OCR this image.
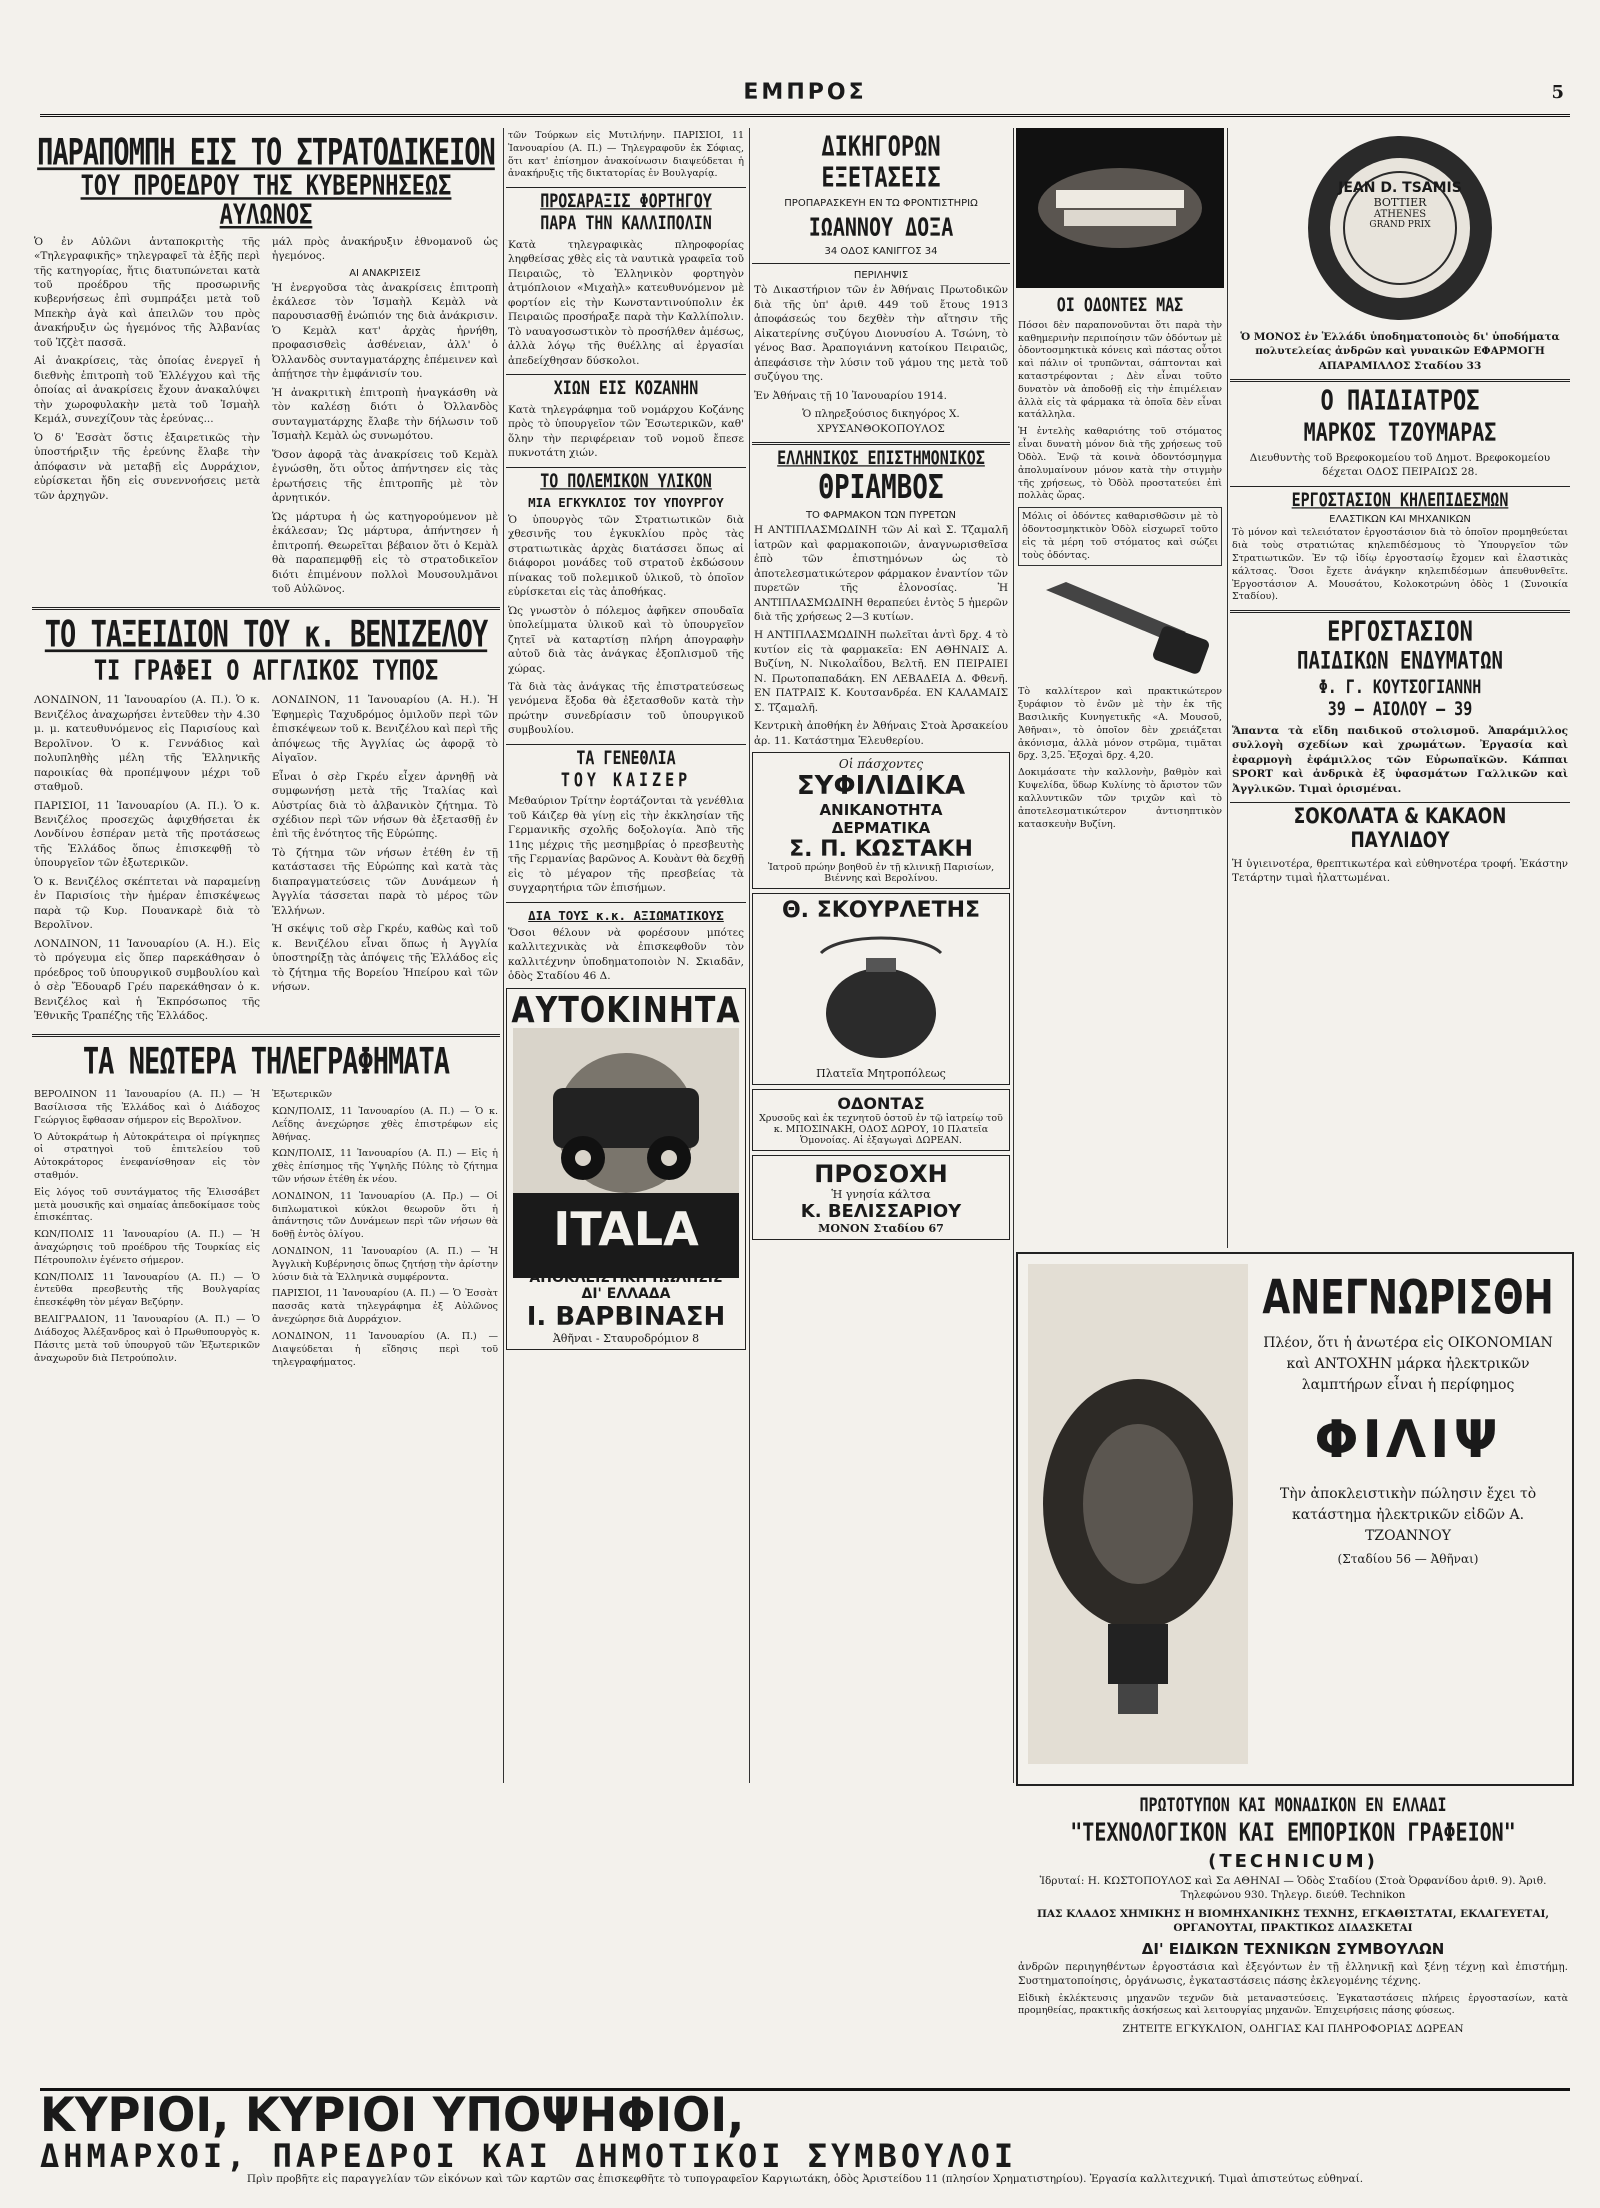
ΕΜΠΡΟΣ	5
ΠΑΡΑΠΟΜΠΗ ΕΙΣ ΤΟ ΣΤΡΑΤΟΔΙΚΕΙΟΝ
ΤΟΥ ΠΡΟΕΔΡΟΥ ΤΗΣ ΚΥΒΕΡΝΗΣΕΩΣ ΑΥΛΩΝΟΣ

Ὁ ἐν Αὐλῶνι ἀνταποκριτὴς τῆς «Τηλεγραφικῆς» τηλεγραφεῖ τὰ ἑξῆς περὶ τῆς κατηγορίας, ἥτις διατυπώνεται κατὰ τοῦ προέδρου τῆς προσωρινῆς κυβερνήσεως ἐπὶ συμπράξει μετὰ τοῦ Μπεκὴρ ἀγὰ καὶ ἀπειλῶν του πρὸς ἀνακήρυξιν ὡς ἡγεμόνος τῆς Ἀλβανίας τοῦ Ἰζζὲτ πασσᾶ.

Αἱ ἀνακρίσεις, τὰς ὁποίας ἐνεργεῖ ἡ διεθνὴς ἐπιτροπὴ τοῦ Ἑλλέγχου καὶ τῆς ὁποίας αἱ ἀνακρίσεις ἔχουν ἀνακαλύψει τὴν χωροφυλακὴν μετὰ τοῦ Ἰσμαὴλ Κεμάλ, συνεχίζουν τὰς ἐρεύνας...

Ὁ δ' Ἐσσὰτ ὅστις ἐξαιρετικῶς τὴν ὑποστήριξιν τῆς ἐρεύνης ἔλαβε τὴν ἀπόφασιν νὰ μεταβῇ εἰς Δυρράχιον, εὑρίσκεται ἤδη εἰς συνεννοήσεις μετὰ τῶν ἀρχηγῶν.

μάλ πρὸς ἀνακήρυξιν ἐθνομανοῦ ὡς ἡγεμόνος.

ΑΙ ΑΝΑΚΡΙΣΕΙΣ

Ἡ ἐνεργοῦσα τὰς ἀνακρίσεις ἐπιτροπὴ ἐκάλεσε τὸν Ἰσμαὴλ Κεμὰλ νὰ παρουσιασθῇ ἐνώπιόν της διὰ ἀνάκρισιν. Ὁ Κεμὰλ κατ' ἀρχὰς ἠρνήθη, προφασισθεὶς ἀσθένειαν, ἀλλ' ὁ Ὀλλανδὸς συνταγματάρχης ἐπέμεινεν καὶ ἀπῄτησε τὴν ἐμφάνισίν του.

Ἡ ἀνακριτικὴ ἐπιτροπὴ ἠναγκάσθη νὰ τὸν καλέσῃ διότι ὁ Ὀλλανδὸς συνταγματάρχης ἔλαβε τὴν δήλωσιν τοῦ Ἰσμαὴλ Κεμὰλ ὡς συνωμότου.

Ὅσον ἀφορᾷ τὰς ἀνακρίσεις τοῦ Κεμὰλ ἐγνώσθη, ὅτι οὗτος ἀπήντησεν εἰς τὰς ἐρωτήσεις τῆς ἐπιτροπῆς μὲ τὸν ἀρνητικόν.

Ὡς μάρτυρα ἡ ὡς κατηγορούμενον μὲ ἐκάλεσαν; Ὡς μάρτυρα, ἀπήντησεν ἡ ἐπιτροπή. Θεωρεῖται βέβαιον ὅτι ὁ Κεμὰλ θὰ παραπεμφθῇ εἰς τὸ στρατοδικεῖον διότι ἐπιμένουν πολλοὶ Μουσουλμᾶνοι τοῦ Αὐλῶνος.

ΤΟ ΤΑΞΕΙΔΙΟΝ ΤΟΥ κ. ΒΕΝΙΖΕΛΟΥ
ΤΙ ΓΡΑΦΕΙ Ο ΑΓΓΛΙΚΟΣ ΤΥΠΟΣ

ΛΟΝΔΙΝΟΝ, 11 Ἰανουαρίου (Α. Π.). Ὁ κ. Βενιζέλος ἀναχωρήσει ἐντεῦθεν τὴν 4.30 μ. μ. κατευθυνόμενος εἰς Παρισίους καὶ Βερολῖνον. Ὁ κ. Γεννάδιος καὶ πολυπληθὴς μέλη τῆς Ἑλληνικῆς παροικίας θὰ προπέμψουν μέχρι τοῦ σταθμοῦ.

ΠΑΡΙΣΙΟΙ, 11 Ἰανουαρίου (Α. Π.). Ὁ κ. Βενιζέλος προσεχῶς ἀφιχθήσεται ἐκ Λονδίνου ἐσπέραν μετὰ τῆς προτάσεως τῆς Ἑλλάδος ὅπως ἐπισκεφθῇ τὸ ὑπουργεῖον τῶν ἐξωτερικῶν.

Ὁ κ. Βενιζέλος σκέπτεται νὰ παραμείνῃ ἐν Παρισίοις τὴν ἡμέραν ἐπισκέψεως παρὰ τῷ Κυρ. Πουανκαρὲ διὰ τὸ Βερολῖνον.

ΛΟΝΔΙΝΟΝ, 11 Ἰανουαρίου (Α. Η.). Εἰς τὸ πρόγευμα εἰς ὅπερ παρεκάθησαν ὁ πρόεδρος τοῦ ὑπουργικοῦ συμβουλίου καὶ ὁ σὲρ Ἔδουαρδ Γρέυ παρεκάθησαν ὁ κ. Βενιζέλος καὶ ἡ Ἐκπρόσωπος τῆς Ἐθνικῆς Τραπέζης τῆς Ἑλλάδος.

ΛΟΝΔΙΝΟΝ, 11 Ἰανουαρίου (Α. Η.). Ἡ Ἐφημερὶς Ταχυδρόμος ὁμιλοῦν περὶ τῶν ἐπισκέψεων τοῦ κ. Βενιζέλου καὶ περὶ τῆς ἀπόψεως τῆς Ἀγγλίας ὡς ἀφορᾷ τὸ Αἰγαῖον.

Εἶναι ὁ σὲρ Γκρέυ εἶχεν ἀρνηθῇ νὰ συμφωνήσῃ μετὰ τῆς Ἰταλίας καὶ Αὐστρίας διὰ τὸ ἀλβανικὸν ζήτημα. Τὸ σχέδιον περὶ τῶν νήσων θὰ ἐξετασθῇ ἐν ἐπὶ τῆς ἑνότητος τῆς Εὐρώπης.

Τὸ ζήτημα τῶν νήσων ἐτέθη ἐν τῇ κατάστασει τῆς Εὐρώπης καὶ κατὰ τὰς διαπραγματεύσεις τῶν Δυνάμεων ἡ Ἀγγλία τάσσεται παρὰ τὸ μέρος τῶν Ἑλλήνων.

Ἡ σκέψις τοῦ σὲρ Γκρέυ, καθὼς καὶ τοῦ κ. Βενιζέλου εἶναι ὅπως ἡ Ἀγγλία ὑποστηρίξῃ τὰς ἀπόψεις τῆς Ἑλλάδος εἰς τὸ ζήτημα τῆς Βορείου Ἠπείρου καὶ τῶν νήσων.

ΤΑ ΝΕΩΤΕΡΑ ΤΗΛΕΓΡΑΦΗΜΑΤΑ

ΒΕΡΟΛΙΝΟΝ 11 Ἰανουαρίου (Α. Π.) — Ἡ Βασίλισσα τῆς Ἑλλάδος καὶ ὁ Διάδοχος Γεώργιος ἔφθασαν σήμερον εἰς Βερολῖνον.

Ὁ Αὐτοκράτωρ ἡ Αὐτοκράτειρα οἱ πρίγκηπες οἱ στρατηγοὶ τοῦ ἐπιτελείου τοῦ Αὐτοκράτορος ἐνεφανίσθησαν εἰς τὸν σταθμόν.

Εἰς λόγος τοῦ συντάγματος τῆς Ἑλισσάβετ μετὰ μουσικῆς καὶ σημαίας ἀπεδοκίμασε τοὺς ἐπισκέπτας.

ΚΩΝ/ΠΟΛΙΣ 11 Ἰανουαρίου (Α. Π.) — Ἡ ἀναχώρησις τοῦ προέδρου τῆς Τουρκίας εἰς Πέτρουπολιν ἐγένετο σήμερον.

ΚΩΝ/ΠΟΛΙΣ 11 Ἰανουαρίου (Α. Π.) — Ὁ ἐντεῦθα πρεσβευτὴς τῆς Βουλγαρίας ἐπεσκέφθη τὸν μέγαν Βεζύρην.

ΒΕΛΙΓΡΑΔΙΟΝ, 11 Ἰανουαρίου (Α. Π.) — Ὁ Διάδοχος Ἀλέξανδρος καὶ ὁ Πρωθυπουργὸς κ. Πάσιτς μετὰ τοῦ ὑπουργοῦ τῶν Ἐξωτερικῶν ἀναχωροῦν διὰ Πετρούπολιν.

Ἐξωτερικῶν

ΚΩΝ/ΠΟΛΙΣ, 11 Ἰανουαρίου (Α. Π.) — Ὁ κ. Λεΐδης ἀνεχώρησε χθὲς ἐπιστρέφων εἰς Ἀθήνας.

ΚΩΝ/ΠΟΛΙΣ, 11 Ἰανουαρίου (Α. Π.) — Εἰς ἡ χθὲς ἐπίσημος τῆς Ὑψηλῆς Πύλης τὸ ζήτημα τῶν νήσων ἐτέθη ἐκ νέου.

ΛΟΝΔΙΝΟΝ, 11 Ἰανουαρίου (Α. Πρ.) — Οἱ διπλωματικοὶ κύκλοι θεωροῦν ὅτι ἡ ἀπάντησις τῶν Δυνάμεων περὶ τῶν νήσων θὰ δοθῇ ἐντὸς ὀλίγου.

ΛΟΝΔΙΝΟΝ, 11 Ἰανουαρίου (Α. Π.) — Ἡ Ἀγγλικὴ Κυβέρνησις ὅπως ζητήσῃ τὴν ἀρίστην λύσιν διὰ τὰ Ἑλληνικὰ συμφέροντα.

ΠΑΡΙΣΙΟΙ, 11 Ἰανουαρίου (Α. Π.) — Ὁ Ἐσσὰτ πασσᾶς κατὰ τηλεγράφημα ἐξ Αὐλῶνος ἀνεχώρησε διὰ Δυρράχιον.

ΛΟΝΔΙΝΟΝ, 11 Ἰανουαρίου (Α. Π.) — Διαψεύδεται ἡ εἴδησις περὶ τοῦ τηλεγραφήματος.

τῶν Τούρκων εἰς Μυτιλήνην. ΠΑΡΙΣΙΟΙ, 11 Ἰανουαρίου (Α. Π.) — Τηλεγραφοῦν ἐκ Σόφιας, ὅτι κατ' ἐπίσημον ἀνακοίνωσιν διαψεύδεται ἡ ἀνακήρυξις τῆς δικτατορίας ἐν Βουλγαρίᾳ.

ΠΡΟΣΑΡΑΞΙΣ ΦΟΡΤΗΓΟΥ
ΠΑΡΑ ΤΗΝ ΚΑΛΛΙΠΟΛΙΝ

Κατὰ τηλεγραφικὰς πληροφορίας ληφθείσας χθὲς εἰς τὰ ναυτικὰ γραφεῖα τοῦ Πειραιῶς, τὸ Ἑλληνικὸν φορτηγὸν ἀτμόπλοιον «Μιχαὴλ» κατευθυνόμενον μὲ φορτίον εἰς τὴν Κωνσταντινούπολιν ἐκ Πειραιῶς προσήραξε παρὰ τὴν Καλλίπολιν. Τὸ ναυαγοσωστικὸν τὸ προσήλθεν ἀμέσως, ἀλλὰ λόγῳ τῆς θυέλλης αἱ ἐργασίαι ἀπεδείχθησαν δύσκολοι.

ΧΙΩΝ ΕΙΣ ΚΟΖΑΝΗΝ

Κατὰ τηλεγράφημα τοῦ νομάρχου Κοζάνης πρὸς τὸ ὑπουργεῖον τῶν Ἐσωτερικῶν, καθ' ὅλην τὴν περιφέρειαν τοῦ νομοῦ ἔπεσε πυκνοτάτη χιών.

ΤΟ ΠΟΛΕΜΙΚΟΝ ΥΛΙΚΟΝ
ΜΙΑ ΕΓΚΥΚΛΙΟΣ ΤΟΥ ΥΠΟΥΡΓΟΥ

Ὁ ὑπουργὸς τῶν Στρατιωτικῶν διὰ χθεσινῆς του ἐγκυκλίου πρὸς τὰς στρατιωτικὰς ἀρχὰς διατάσσει ὅπως αἱ διάφοροι μονάδες τοῦ στρατοῦ ἐκδώσουν πίνακας τοῦ πολεμικοῦ ὑλικοῦ, τὸ ὁποῖον εὑρίσκεται εἰς τὰς ἀποθήκας.

Ὡς γνωστὸν ὁ πόλεμος ἀφῆκεν σπουδαῖα ὑπολείμματα ὑλικοῦ καὶ τὸ ὑπουργεῖον ζητεῖ νὰ καταρτίσῃ πλήρη ἀπογραφὴν αὐτοῦ διὰ τὰς ἀνάγκας ἐξοπλισμοῦ τῆς χώρας.

Τὰ διὰ τὰς ἀνάγκας τῆς ἐπιστρατεύσεως γενόμενα ἔξοδα θὰ ἐξετασθοῦν κατὰ τὴν πρώτην συνεδρίασιν τοῦ ὑπουργικοῦ συμβουλίου.

ΤΑ ΓΕΝΕΘΛΙΑ
ΤΟΥ ΚΑΙΖΕΡ

Μεθαύριον Τρίτην ἑορτάζονται τὰ γενέθλια τοῦ Κάιζερ θὰ γίνῃ εἰς τὴν ἐκκλησίαν τῆς Γερμανικῆς σχολῆς δοξολογία. Ἀπὸ τῆς 11ης μέχρις τῆς μεσημβρίας ὁ πρεσβευτὴς τῆς Γερμανίας βαρῶνος Α. Κουὰντ θὰ δεχθῇ εἰς τὸ μέγαρον τῆς πρεσβείας τὰ συγχαρητήρια τῶν ἐπισήμων.

ΔΙΑ ΤΟΥΣ κ.κ. ΑΞΙΩΜΑΤΙΚΟΥΣ

Ὅσοι θέλουν νὰ φορέσουν μπότες καλλιτεχνικὰς νὰ ἐπισκεφθοῦν τὸν καλλιτέχνην ὑποδηματοποιὸν Ν. Σκιαδᾶν, ὁδὸς Σταδίου 46 Δ.

ΑΥΤΟΚΙΝΗΤΑ
ITALA
ΑΠΟΚΛΕΙΣΤΙΚΗ ΠΩΛΗΣΙΣ
ΔΙ' ΕΛΛΑΔΑ
Ι. ΒΑΡΒΙΝΑΣΗ
Ἀθῆναι - Σταυροδρόμιον 8
ΔΙΚΗΓΟΡΩΝ
ΕΞΕΤΑΣΕΙΣ
ΠΡΟΠΑΡΑΣΚΕΥΗ ΕΝ ΤΩ ΦΡΟΝΤΙΣΤΗΡΙΩ
ΙΩΑΝΝΟΥ ΔΟΞΑ
34 ΟΔΟΣ ΚΑΝΙΓΓΟΣ 34
ΠΕΡΙΛΗΨΙΣ

Τὸ Δικαστήριον τῶν ἐν Ἀθήναις Πρωτοδικῶν διὰ τῆς ὑπ' ἀριθ. 449 τοῦ ἔτους 1913 ἀποφάσεώς του δεχθὲν τὴν αἴτησιν τῆς Αἰκατερίνης συζύγου Διονυσίου Α. Τσώνη, τὸ γένος Βασ. Ἀραπογιάννη κατοίκου Πειραιῶς, ἀπεφάσισε τὴν λύσιν τοῦ γάμου της μετὰ τοῦ συζύγου της.

Ἐν Ἀθήναις τῇ 10 Ἰανουαρίου 1914.

Ὁ πληρεξούσιος δικηγόρος Χ. ΧΡΥΣΑΝΘΟΚΟΠΟΥΛΟΣ

ΕΛΛΗΝΙΚΟΣ ΕΠΙΣΤΗΜΟΝΙΚΟΣ
ΘΡΙΑΜΒΟΣ
ΤΟ ΦΑΡΜΑΚΟΝ ΤΩΝ ΠΥΡΕΤΩΝ

Η ΑΝΤΙΠΛΑΣΜΩΔΙΝΗ τῶν Αἰ καὶ Σ. Τζαμαλῆ ἰατρῶν καὶ φαρμακοποιῶν, ἀναγνωρισθεῖσα ἐπὸ τῶν ἐπιστημόνων ὡς τὸ ἀποτελεσματικώτερον φάρμακον ἐναντίον τῶν πυρετῶν τῆς ἑλονοσίας. Ἡ ΑΝΤΙΠΛΑΣΜΩΔΙΝΗ θεραπεύει ἐντὸς 5 ἡμερῶν διὰ τῆς χρήσεως 2—3 κυτίων.

Η ΑΝΤΙΠΛΑΣΜΩΔΙΝΗ πωλεῖται ἀντὶ δρχ. 4 τὸ κυτίον εἰς τὰ φαρμακεῖα: ΕΝ ΑΘΗΝΑΙΣ Α. Βυζίνη, Ν. Νικολαΐδου, Βελτῆ. ΕΝ ΠΕΙΡΑΙΕΙ Ν. Πρωτοπαπαδάκη. ΕΝ ΛΕΒΑΔΕΙΑ Δ. Φθενῆ. ΕΝ ΠΑΤΡΑΙΣ Κ. Κουτσανδρέα. ΕΝ ΚΑΛΑΜΑΙΣ Σ. Τζαμαλῆ.

Κεντρικὴ ἀποθήκη ἐν Ἀθήναις Στοὰ Ἀρσακείου ἀρ. 11. Κατάστημα Ἐλευθερίου.

Οἱ πάσχοντες
ΣΥΦΙΛΙΔΙΚΑ
ΑΝΙΚΑΝΟΤΗΤΑ
ΔΕΡΜΑΤΙΚΑ
Σ. Π. ΚΩΣΤΑΚΗ
Ἰατροῦ πρώην βοηθοῦ ἐν τῇ κλινικῇ Παρισίων, Βιέννης καὶ Βερολίνου.
Θ. ΣΚΟΥΡΛΕΤΗΣ
Πλατεῖα Μητροπόλεως
ΟΔΟΝΤΑΣ
Χρυσοῦς καὶ ἐκ τεχνητοῦ ὀστοῦ ἐν τῷ ἰατρείῳ τοῦ κ. ΜΠΟΣΙΝΑΚΗ, ΟΔΟΣ ΔΩΡΟΥ, 10 Πλατεῖα Ὁμονοίας. Αἱ ἐξαγωγαὶ ΔΩΡΕΑΝ.
ΠΡΟΣΟΧΗ
Ἡ γνησία κάλτσα
Κ. ΒΕΛΙΣΣΑΡΙΟΥ
ΜΟΝΟΝ Σταδίου 67
ΟΙ ΟΔΟΝΤΕΣ ΜΑΣ

Πόσοι δὲν παραπονοῦνται ὅτι παρὰ τὴν καθημερινὴν περιποίησιν τῶν ὀδόντων μὲ ὀδοντοσμηκτικὰ κόνεις καὶ πάστας οὗτοι καὶ πάλιν οἱ τρυπῶνται, σάπτονται καὶ καταστρέφονται ; Δὲν εἶναι τοῦτο δυνατὸν νὰ ἀποδοθῇ εἰς τὴν ἐπιμέλειαν ἀλλὰ εἰς τὰ φάρμακα τὰ ὁποῖα δὲν εἶναι κατάλληλα.

Ἡ ἐντελὴς καθαριότης τοῦ στόματος εἶναι δυνατὴ μόνον διὰ τῆς χρήσεως τοῦ Ὀδὸλ. Ἐνῷ τὰ κοινὰ ὀδοντόσμηγμα ἀπολυμαίνουν μόνον κατὰ τὴν στιγμὴν τῆς χρήσεως, τὸ Ὀδὸλ προστατεύει ἐπὶ πολλὰς ὥρας.

Μόλις οἱ ὀδόντες καθαρισθῶσιν μὲ τὸ ὀδοντοσμηκτικὸν Ὀδὸλ εἰσχωρεῖ τοῦτο εἰς τὰ μέρη τοῦ στόματος καὶ σώζει τοὺς ὀδόντας.

Τὸ καλλίτερον καὶ πρακτικώτερον ξυράφιον τὸ ἑνῶν μὲ τὴν ἐκ τῆς Βασιλικῆς Κυνηγετικῆς «Α. Μουσοῦ, Ἀθῆναι», τὸ ὁποῖον δὲν χρειάζεται ἀκόνισμα, ἀλλὰ μόνον στρῶμα, τιμᾶται δρχ. 3,25. Ἐξοχαὶ δρχ. 4,20.

Δοκιμάσατε τὴν καλλονὴν, βαθμὸν καὶ Κυψελίδα, ὕδωρ Κυλίνης τὸ ἄριστον τῶν καλλυντικῶν τῶν τριχῶν καὶ τὸ ἀποτελεσματικώτερον ἀντισηπτικὸν κατασκευὴν Βυζίνη.

JEAN D. TSAMIS
BOTTIER
ATHENES
GRAND PRIX

Ὁ ΜΟΝΟΣ ἐν Ἑλλάδι ὑποδηματοποιὸς δι' ὑποδήματα πολυτελείας ἀνδρῶν καὶ γυναικῶν ΕΦΑΡΜΟΓΗ ΑΠΑΡΑΜΙΛΛΟΣ Σταδίου 33

Ο ΠΑΙΔΙΑΤΡΟΣ
ΜΑΡΚΟΣ ΤΖΟΥΜΑΡΑΣ

Διευθυντὴς τοῦ Βρεφοκομείου τοῦ Δημοτ. Βρεφοκομείου δέχεται ΟΔΟΣ ΠΕΙΡΑΙΩΣ 28.

ΕΡΓΟΣΤΑΣΙΟΝ ΚΗΛΕΠΙΔΕΣΜΩΝ
ΕΛΑΣΤΙΚΩΝ ΚΑΙ ΜΗΧΑΝΙΚΩΝ

Τὸ μόνον καὶ τελειότατον ἐργοστάσιον διὰ τὸ ὁποῖον προμηθεύεται διὰ τοὺς στρατιώτας κηλεπιδέσμους τὸ Ὑπουργεῖον τῶν Στρατιωτικῶν. Ἐν τῷ ἰδίῳ ἐργοστασίῳ ἔχομεν καὶ ἐλαστικὰς κάλτσας. Ὅσοι ἔχετε ἀνάγκην κηλεπιδέσμων ἀπευθυνθεῖτε. Ἐργοστάσιον Α. Μουσάτου, Κολοκοτρώνη ὁδὸς 1 (Συνοικία Σταδίου).

ΕΡΓΟΣΤΑΣΙΟΝ
ΠΑΙΔΙΚΩΝ ΕΝΔΥΜΑΤΩΝ
Φ. Γ. ΚΟΥΤΣΟΓΙΑΝΝΗ
39 — ΑΙΟΛΟΥ — 39

Ἅπαντα τὰ εἴδη παιδικοῦ στολισμοῦ. Ἀπαράμιλλος συλλογὴ σχεδίων καὶ χρωμάτων. Ἐργασία καὶ ἐφαρμογὴ ἐφάμιλλος τῶν Εὐρωπαϊκῶν. Κάππαι SPORT καὶ ἀνδρικὰ ἐξ ὑφασμάτων Γαλλικῶν καὶ Ἀγγλικῶν. Τιμαὶ ὁρισμέναι.

ΣΟΚΟΛΑΤΑ & ΚΑΚΑΟΝ
ΠΑΥΛΙΔΟΥ

Ἡ ὑγιεινοτέρα, θρεπτικωτέρα καὶ εὐθηνοτέρα τροφή. Ἑκάστην Τετάρτην τιμαὶ ἠλαττωμέναι.

ΑΝΕΓΝΩΡΙΣΘΗ

Πλέον, ὅτι ἡ ἀνωτέρα εἰς ΟΙΚΟΝΟΜΙΑΝ καὶ ΑΝΤΟΧΗΝ μάρκα ἠλεκτρικῶν λαμπτήρων εἶναι ἡ περίφημος

ΦΙΛΙΨ

Τὴν ἀποκλειστικὴν πώλησιν ἔχει τὸ κατάστημα ἠλεκτρικῶν εἰδῶν Α. ΤΖΟΑΝΝΟΥ

(Σταδίου 56 — Ἀθῆναι)

ΠΡΩΤΟΤΥΠΟΝ ΚΑΙ ΜΟΝΑΔΙΚΟΝ ΕΝ ΕΛΛΑΔΙ
"ΤΕΧΝΟΛΟΓΙΚΟΝ ΚΑΙ ΕΜΠΟΡΙΚΟΝ ΓΡΑΦΕΙΟΝ"
(TECHNICUM)

Ἱδρυταί: Η. ΚΩΣΤΟΠΟΥΛΟΣ καὶ Σα ΑΘΗΝΑΙ — Ὁδὸς Σταδίου (Στοὰ Ὀρφανίδου ἀριθ. 9). Ἀριθ. Τηλεφώνου 930. Τηλεγρ. διεύθ. Technikon

ΠΑΣ ΚΛΑΔΟΣ ΧΗΜΙΚΗΣ Η ΒΙΟΜΗΧΑΝΙΚΗΣ ΤΕΧΝΗΣ, ΕΓΚΑΘΙΣΤΑΤΑΙ, ΕΚΛΑΓΕΥΕΤΑΙ, ΟΡΓΑΝΟΥΤΑΙ, ΠΡΑΚΤΙΚΩΣ ΔΙΔΑΣΚΕΤΑΙ

ΔΙ' ΕΙΔΙΚΩΝ ΤΕΧΝΙΚΩΝ ΣΥΜΒΟΥΛΩΝ

ἀνδρῶν περιηγηθέντων ἐργοστάσια καὶ ἐξεγόντων ἐν τῇ ἑλληνικῇ καὶ ξένῃ τέχνῃ καὶ ἐπιστήμῃ. Συστηματοποίησις, ὀργάνωσις, ἐγκαταστάσεις πάσης ἐκλεγομένης τέχνης.

Εἰδικὴ ἐκλέκτευσις μηχανῶν τεχνῶν διὰ μεταναστεύσεις. Ἐγκαταστάσεις πλήρεις ἐργοστασίων, κατὰ προμηθείας, πρακτικῆς ἀσκήσεως καὶ λειτουργίας μηχανῶν. Ἐπιχειρήσεις πάσης φύσεως.

ΖΗΤΕΙΤΕ ΕΓΚΥΚΛΙΟΝ, ΟΔΗΓΙΑΣ ΚΑΙ ΠΛΗΡΟΦΟΡΙΑΣ ΔΩΡΕΑΝ

ΚΥΡΙΟΙ, ΚΥΡΙΟΙ ΥΠΟΨΗΦΙΟΙ,
ΔΗΜΑΡΧΟΙ, ΠΑΡΕΔΡΟΙ ΚΑΙ ΔΗΜΟΤΙΚΟΙ ΣΥΜΒΟΥΛΟΙ
Πρὶν προβῆτε εἰς παραγγελίαν τῶν εἰκόνων καὶ τῶν καρτῶν σας ἐπισκεφθῆτε τὸ τυπογραφεῖον Καργιωτάκη, ὁδὸς Ἀριστείδου 11 (πλησίον Χρηματιστηρίου). Ἐργασία καλλιτεχνική. Τιμαὶ ἀπιστεύτως εὐθηναί.
